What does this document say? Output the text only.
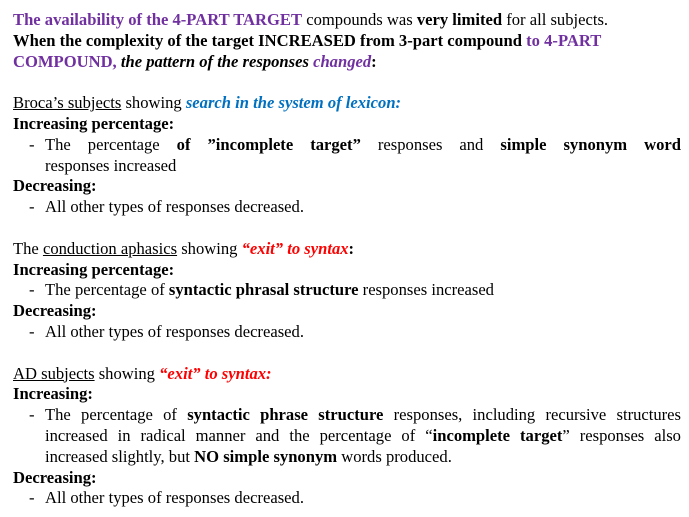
The availability of the 4-PART TARGET compounds was very limited for all subjects.
When the complexity of the target INCREASED from 3-part compound to 4-PART
COMPOUND, the pattern of the responses changed:
Broca’s subjects showing search in the system of lexicon:
Increasing percentage:
- The percentage of ”incomplete target” responses and simple synonym word
responses increased
Decreasing:
- All other types of responses decreased.
The conduction aphasics showing “exit” to syntax:
Increasing percentage:
- The percentage of syntactic phrasal structure responses increased
Decreasing:
- All other types of responses decreased.
AD subjects showing “exit” to syntax:
Increasing:
- The percentage of syntactic phrase structure responses, including recursive structures
increased in radical manner and the percentage of “incomplete target” responses also
increased slightly, but NO simple synonym words produced.
Decreasing:
- All other types of responses decreased.
